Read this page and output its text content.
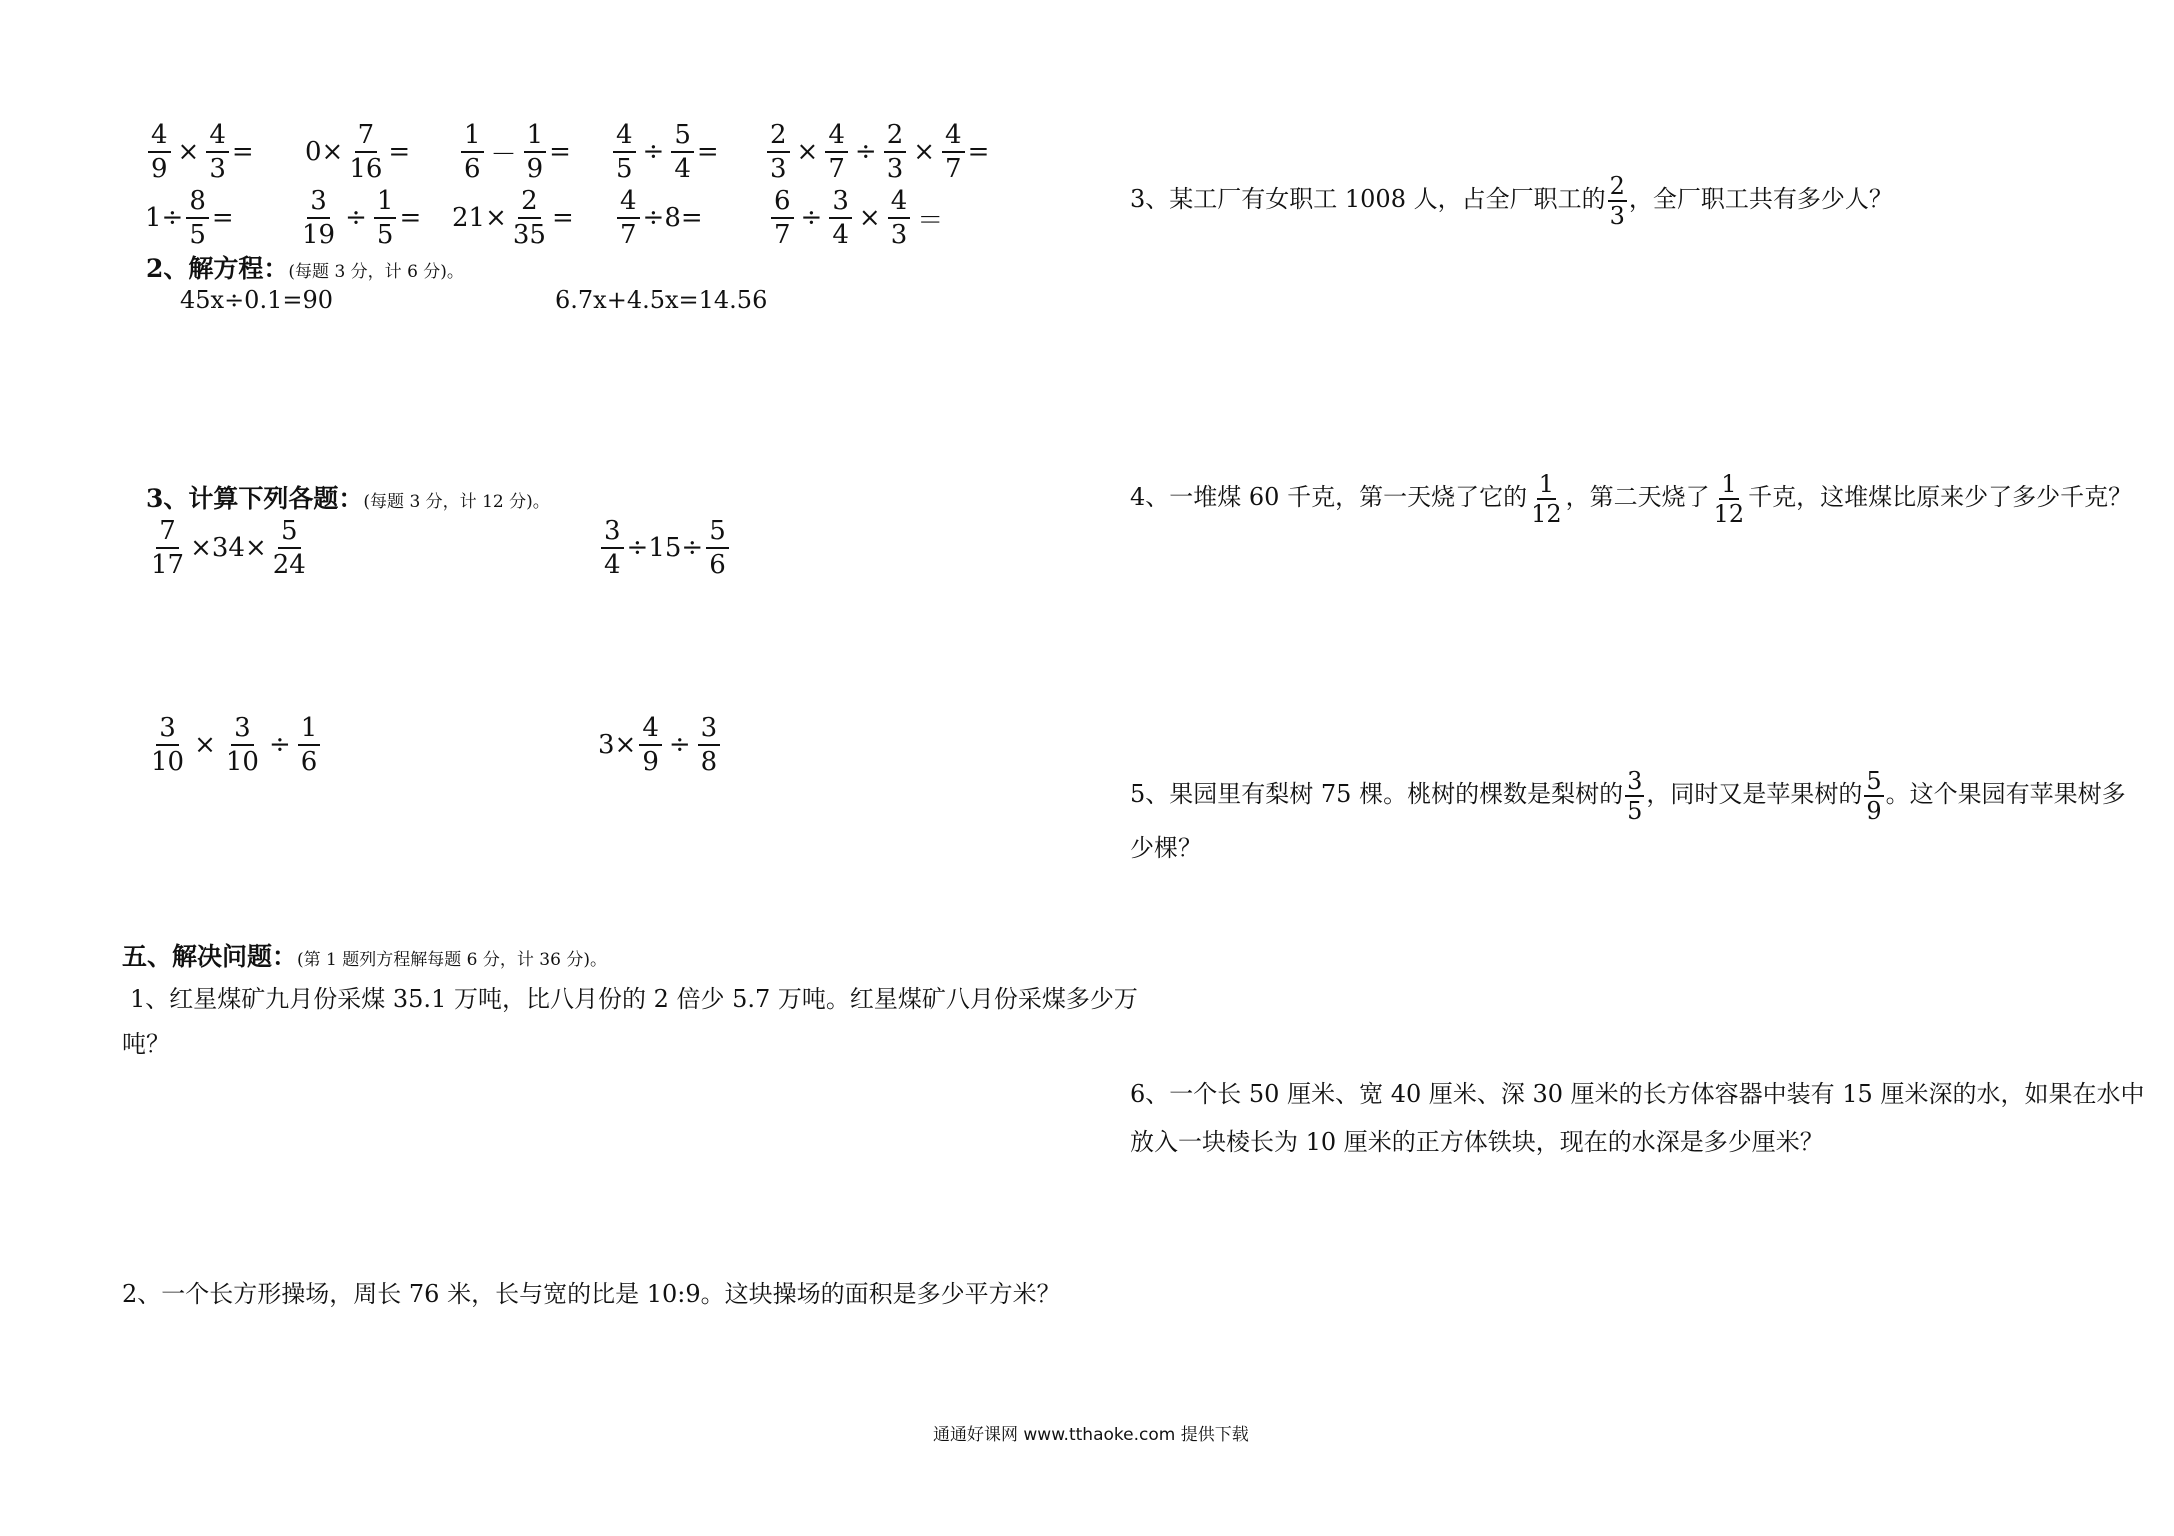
$\frac{4}{9} \times \frac{4}{3} = 0\times \frac{7}{16} = \frac{1}{6} - \frac{1}{9} = \frac{4}{5} \div \frac{5}{4} = \frac{2}{3} \times \frac{4}{7} \div \frac{2}{3} \times \frac{4}{7}$ =
$1\div \frac{8}{5}$ =	$\frac{3}{19} \div \frac{1}{5} = 21\times \frac{2}{35} = \frac{4}{7} \div 8=$	$\frac{6}{7} \div \frac{3}{4} \times \frac{4}{3}$ ＝
2、解方程：(每题 3 分，计 6 分)。
45x÷0.1=90	6.7x+4.5x=14.56
3、计算下列各题：(每题 3 分，计 12 分)。
$\frac{7}{17} \times 34\times \frac{5}{24}$	$\frac{3}{4} \div 15\div \frac{5}{6}$
$\frac{3}{10} \times \frac{3}{10} \div \frac{1}{6}$	$3\times \frac{4}{9} \div \frac{3}{8}$
五、解决问题：(第 1 题列方程解每题 6 分，计 36 分)。
1、红星煤矿九月份采煤 35.1 万吨，比八月份的 2 倍少 5.7 万吨。红星煤矿八月份采煤多少万
吨？
2、一个长方形操场，周长 76 米，长与宽的比是 10:9。这块操场的面积是多少平方米？
3、某工厂有女职工 1008 人，占全厂职工的 $\frac{2}{3}$ ，全厂职工共有多少人？
4、一堆煤 60 千克，第一天烧了它的 $\frac{1}{12}$ ，第二天烧了 $\frac{1}{12}$ 千克，这堆煤比原来少了多少千克？
5、果园里有梨树 75 棵。桃树的棵数是梨树的 $\frac{3}{5}$ ，同时又是苹果树的 $\frac{5}{9}$ 。这个果园有苹果树多
少棵？
6、一个长 50 厘米、宽 40 厘米、深 30 厘米的长方体容器中装有 15 厘米深的水，如果在水中
放入一块棱长为 10 厘米的正方体铁块，现在的水深是多少厘米？
通通好课网 www.tthaoke.com 提供下载
